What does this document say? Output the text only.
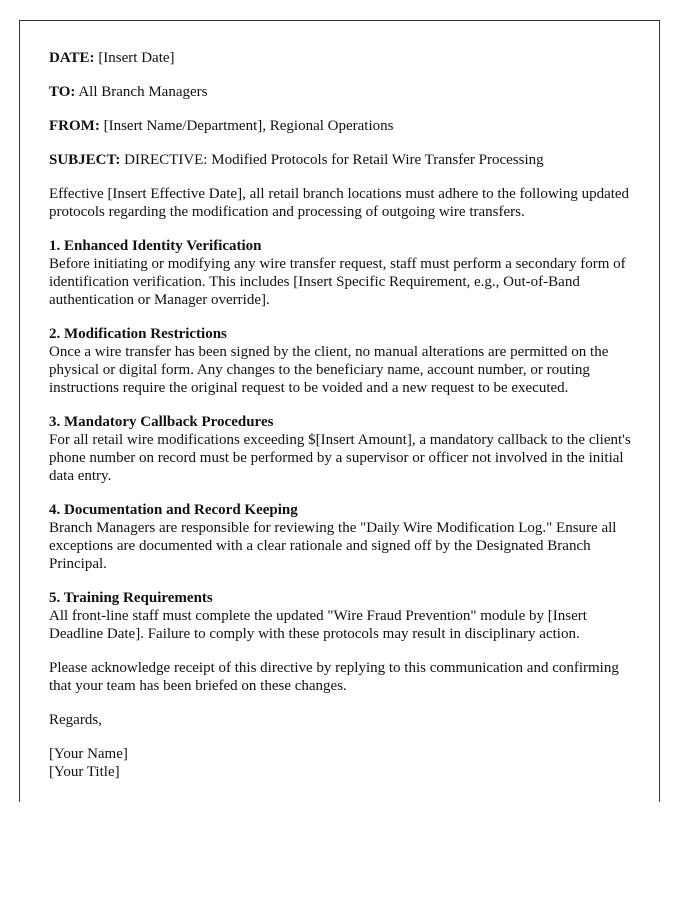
DATE: [Insert Date]

TO: All Branch Managers

FROM: [Insert Name/Department], Regional Operations

SUBJECT: DIRECTIVE: Modified Protocols for Retail Wire Transfer Processing

Effective [Insert Effective Date], all retail branch locations must adhere to the following updated protocols regarding the modification and processing of outgoing wire transfers.

1. Enhanced Identity Verification
Before initiating or modifying any wire transfer request, staff must perform a secondary form of identification verification. This includes [Insert Specific Requirement, e.g., Out-of-Band authentication or Manager override].

2. Modification Restrictions
Once a wire transfer has been signed by the client, no manual alterations are permitted on the physical or digital form. Any changes to the beneficiary name, account number, or routing instructions require the original request to be voided and a new request to be executed.

3. Mandatory Callback Procedures
For all retail wire modifications exceeding $[Insert Amount], a mandatory callback to the client's phone number on record must be performed by a supervisor or officer not involved in the initial data entry.

4. Documentation and Record Keeping
Branch Managers are responsible for reviewing the "Daily Wire Modification Log." Ensure all exceptions are documented with a clear rationale and signed off by the Designated Branch Principal.

5. Training Requirements
All front-line staff must complete the updated "Wire Fraud Prevention" module by [Insert Deadline Date]. Failure to comply with these protocols may result in disciplinary action.

Please acknowledge receipt of this directive by replying to this communication and confirming that your team has been briefed on these changes.

Regards,

[Your Name]

[Your Title]
